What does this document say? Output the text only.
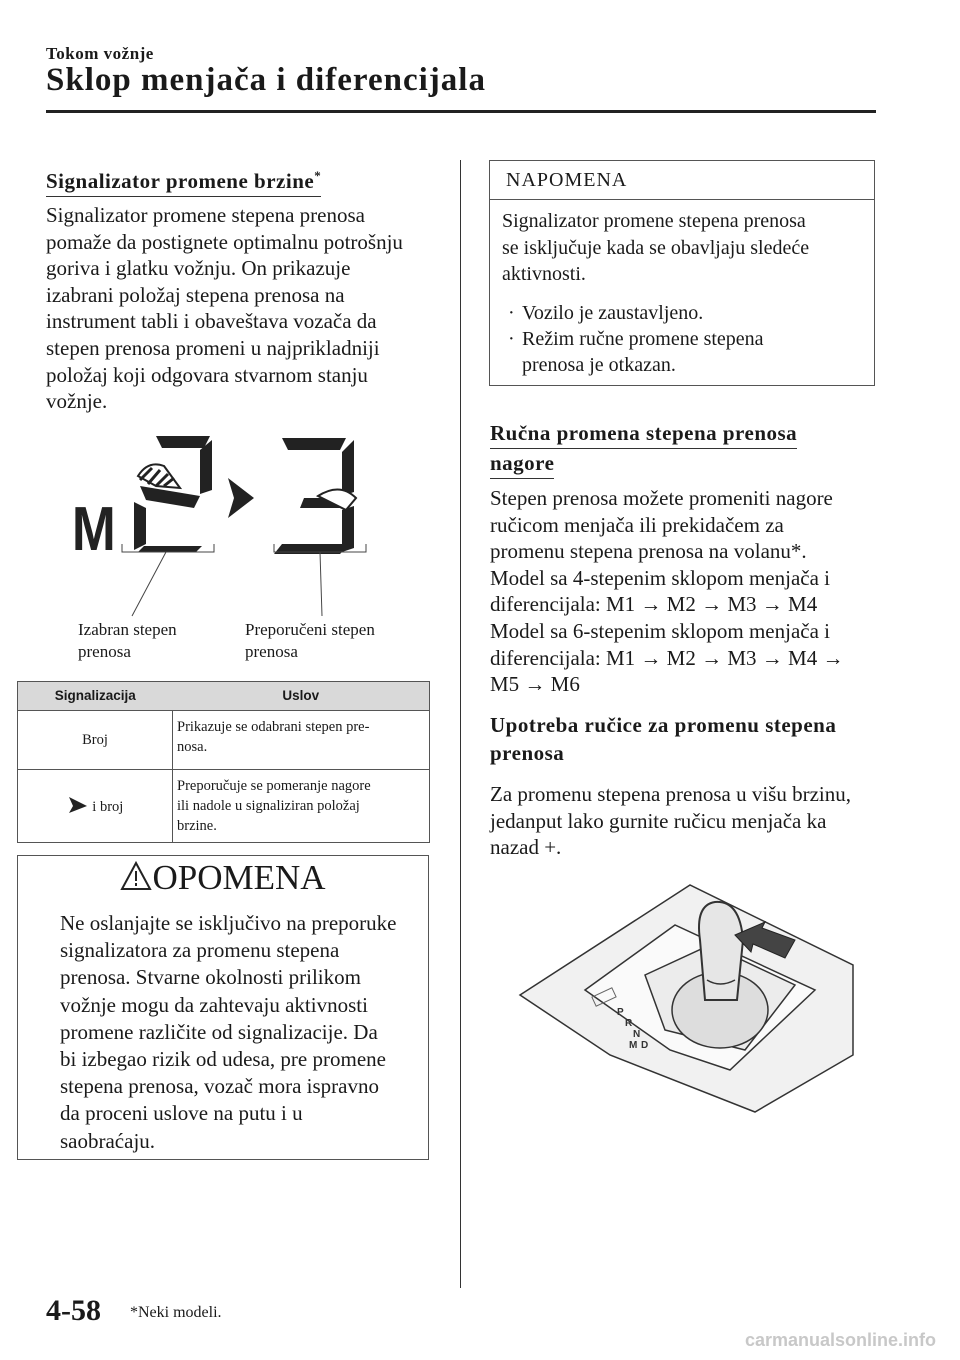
Tokom vožnje
Sklop menjača i diferencijala
Signalizator promene brzine*
Signalizator promene stepena prenosa
pomaže da postignete optimalnu potrošnju
goriva i glatku vožnju. On prikazuje
izabrani položaj stepena prenosa na
instrument tabli i obaveštava vozača da
stepen prenosa promeni u najprikladniji
položaj koji odgovara stvarnom stanju
vožnje.
M
Izabran stepen
prenosa
Preporučeni stepen
prenosa
Signalizacija	Uslov
Broj	Prikazuje se odabrani stepen pre-
nosa.

i broj	Preporučuje se pomeranje nagore
ili nadole u signaliziran položaj
brzine.
OPOMENA
Ne oslanjajte se isključivo na preporuke
signalizatora za promenu stepena
prenosa. Stvarne okolnosti prilikom
vožnje mogu da zahtevaju aktivnosti
promene različite od signalizacije. Da
bi izbegao rizik od udesa, pre promene
stepena prenosa, vozač mora ispravno
da proceni uslove na putu i u
saobraćaju.
NAPOMENA
Signalizator promene stepena prenosa
se isključuje kada se obavljaju sledeće
aktivnosti.
· Vozilo je zaustavljeno.
· Režim ručne promene stepena
prenosa je otkazan.
Ručna promena stepena prenosa
nagore
Stepen prenosa možete promeniti nagore
ručicom menjača ili prekidačem za
promenu stepena prenosa na volanu*.
Model sa 4-stepenim sklopom menjača i
diferencijala: M1 → M2 → M3 → M4
Model sa 6-stepenim sklopom menjača i
diferencijala: M1 → M2 → M3 → M4 →
M5 → M6
Upotreba ručice za promenu stepena
prenosa
Za promenu stepena prenosa u višu brzinu,
jedanput lako gurnite ručicu menjača ka
nazad +.
P
R
N
D
M
4-58 *Neki modeli.
carmanualsonline.info
